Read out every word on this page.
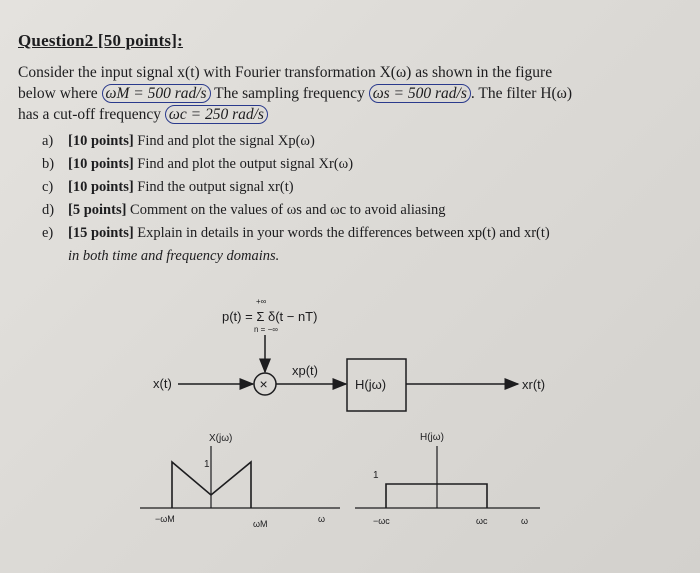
Question2 [50 points]:
Consider the input signal x(t) with Fourier transformation X(ω) as shown in the figure
below where ωM = 500 rad/s The sampling frequency ωs = 500 rad/s . The filter H(ω)
has a cut-off frequency ωc = 250 rad/s
a) [10 points] Find and plot the signal Xp(ω)
b) [10 points] Find and plot the output signal Xr(ω)
c) [10 points] Find the output signal xr(t)
d) [5 points] Comment on the values of ωs and ωc to avoid aliasing
e) [15 points] Explain in details in your words the differences between xp(t) and xr(t)
in both time and frequency domains.
+∞
p(t) = Σ δ(t − nT)
n = −∞
x(t)	×
xp(t)
H(jω)	xr(t)
X(jω)
1
−ωM	ωM	ω
H(jω)
1
−ωc	ωc	ω
